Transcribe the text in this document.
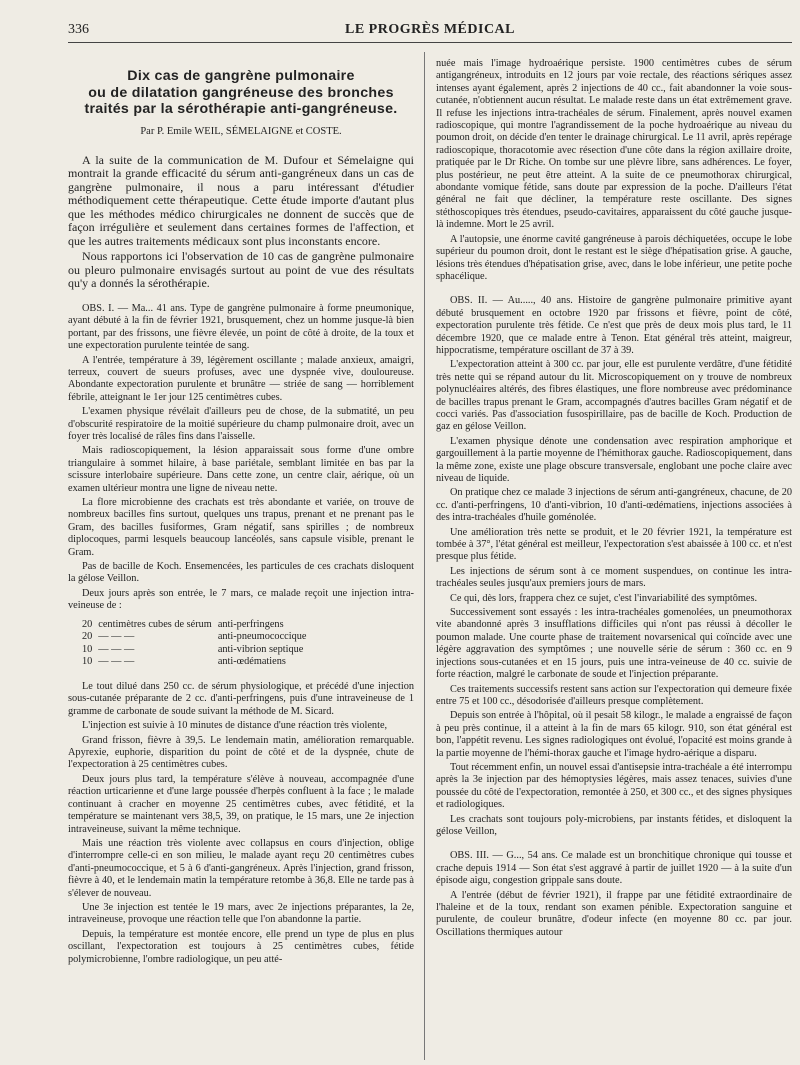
336	LE PROGRÈS MÉDICAL
Dix cas de gangrène pulmonaire
ou de dilatation gangréneuse des bronches
traités par la sérothérapie anti-gangréneuse.
Par P. Emile WEIL, SÉMELAIGNE et COSTE.

A la suite de la communication de M. Dufour et Sémelaigne qui montrait la grande efficacité du sérum anti-gangréneux dans un cas de gangrène pulmonaire, il nous a paru intéressant d'étudier méthodiquement cette thérapeutique. Cette étude importe d'autant plus que les méthodes médico chirurgicales ne donnent de succès que de façon irrégulière et seulement dans certaines formes de l'affection, et que les autres traitements médicaux sont plus inconstants encore.

Nous rapportons ici l'observation de 10 cas de gangrène pulmonaire ou pleuro pulmonaire envisagés surtout au point de vue des résultats qu'y a donnés la sérothérapie.

OBS. I. — Ma... 41 ans. Type de gangrène pulmonaire à forme pneumonique, ayant débuté à la fin de février 1921, brusquement, chez un homme jusque-là bien portant, par des frissons, une fièvre élevée, un point de côté à droite, de la toux et une expectoration purulente teintée de sang.

A l'entrée, température à 39, légèrement oscillante ; malade anxieux, amaigri, terreux, couvert de sueurs profuses, avec une dyspnée vive, douloureuse. Abondante expectoration purulente et brunâtre — striée de sang — horriblement fébrile, atteignant le 1er jour 125 centimètres cubes.

L'examen physique révélait d'ailleurs peu de chose, de la submatité, un peu d'obscurité respiratoire de la moitié supérieure du champ pulmonaire droit, avec un foyer très localisé de râles fins dans l'aisselle.

Mais radioscopiquement, la lésion apparaissait sous forme d'une ombre triangulaire à sommet hilaire, à base pariétale, semblant limitée en bas par la scissure interlobaire supérieure. Dans cette zone, un centre clair, aérique, où un examen ultérieur montra une ligne de niveau nette.

La flore microbienne des crachats est très abondante et variée, on trouve de nombreux bacilles fins surtout, quelques uns trapus, prenant et ne prenant pas le Gram, des bacilles fusiformes, Gram négatif, sans spirilles ; de nombreux diplocoques, parmi lesquels beaucoup lancéolés, sans capsule visible, prenant le Gram.

Pas de bacille de Koch. Ensemencées, les particules de ces crachats disloquent la gélose Veillon.

Deux jours après son entrée, le 7 mars, ce malade reçoit une injection intra-veineuse de :

20	centimètres cubes de sérum	anti-perfringens
20	— — —	anti-pneumococcique
10	— — —	anti-vibrion septique
10	— — —	anti-œdématiens

Le tout dilué dans 250 cc. de sérum physiologique, et précédé d'une injection sous-cutanée préparante de 2 cc. d'anti-perfringens, puis d'une intraveineuse de 1 gramme de carbonate de soude suivant la méthode de M. Sicard.

L'injection est suivie à 10 minutes de distance d'une réaction très violente,

Grand frisson, fièvre à 39,5. Le lendemain matin, amélioration remarquable. Apyrexie, euphorie, disparition du point de côté et de la dyspnée, chute de l'expectoration à 25 centimètres cubes.

Deux jours plus tard, la température s'élève à nouveau, accompagnée d'une réaction urticarienne et d'une large poussée d'herpès confluent à la face ; le malade continuant à cracher en moyenne 25 centimètres cubes, avec fétidité, et la température se maintenant vers 38,5, 39, on pratique, le 15 mars, une 2e injection intraveineuse, suivant la même technique.

Mais une réaction très violente avec collapsus en cours d'injection, oblige d'interrompre celle-ci en son milieu, le malade ayant reçu 20 centimètres cubes d'anti-pneumococcique, et 5 à 6 d'anti-gangréneux. Après l'injection, grand frisson, fièvre à 40, et le lendemain matin la température retombe à 36,8. Elle ne tarde pas à s'élever de nouveau.

Une 3e injection est tentée le 19 mars, avec 2e injections préparantes, la 2e, intraveineuse, provoque une réaction telle que l'on abandonne la partie.

Depuis, la température est montée encore, elle prend un type de plus en plus oscillant, l'expectoration est toujours à 25 centimètres cubes, fétide polymicrobienne, l'ombre radiologique, un peu atté-

nuée mais l'image hydroaérique persiste. 1900 centimètres cubes de sérum antigangréneux, introduits en 12 jours par voie rectale, des réactions sériques assez intenses ayant également, après 2 injections de 40 cc., fait abandonner la voie sous-cutanée, n'obtiennent aucun résultat. Le malade reste dans un état extrêmement grave. Il refuse les injections intra-trachéales de sérum. Finalement, après nouvel examen radioscopique, qui montre l'agrandissement de la poche hydroaérique au niveau du poumon droit, on décide d'en tenter le drainage chirurgical. Le 11 avril, après repérage radioscopique, thoracotomie avec résection d'une côte dans la région axillaire droite, pratiquée par le Dr Riche. On tombe sur une plèvre libre, sans adhérences. Le foyer, plus postérieur, ne peut être atteint. A la suite de ce pneumothorax chirurgical, abondante vomique fétide, sans doute par expression de la poche. D'ailleurs l'état général ne fait que décliner, la température reste oscillante. Des signes stéthoscopiques très étendues, pseudo-cavitaires, apparaissent du côté gauche jusque-là indemne. Mort le 25 avril.

A l'autopsie, une énorme cavité gangréneuse à parois déchiquetées, occupe le lobe supérieur du poumon droit, dont le restant est le siège d'hépatisation grise. A gauche, lésions très étendues d'hépatisation grise, avec, dans le lobe inférieur, une petite poche sphacélique.

OBS. II. — Au....., 40 ans. Histoire de gangrène pulmonaire primitive ayant débuté brusquement en octobre 1920 par frissons et fièvre, point de côté, expectoration purulente très fétide. Ce n'est que près de deux mois plus tard, le 11 décembre 1920, que ce malade entre à Tenon. Etat général très atteint, maigreur, hippocratisme, température oscillant de 37 à 39.

L'expectoration atteint à 300 cc. par jour, elle est purulente verdâtre, d'une fétidité très nette qui se répand autour du lit. Microscopiquement on y trouve de nombreux polynucléaires altérés, des fibres élastiques, une flore nombreuse avec prédominance de bacilles trapus prenant le Gram, accompagnés d'autres bacilles Gram négatif et de cocci variés. Pas d'association fusospirillaire, pas de bacille de Koch. Production de gaz en gélose Veillon.

L'examen physique dénote une condensation avec respiration amphorique et gargouillement à la partie moyenne de l'hémithorax gauche. Radioscopiquement, dans la même zone, existe une plage obscure transversale, englobant une poche claire avec niveau de liquide.

On pratique chez ce malade 3 injections de sérum anti-gangréneux, chacune, de 20 cc. d'anti-perfringens, 10 d'anti-vibrion, 10 d'anti-œdématiens, injections associées à des intra-trachéales d'huile goménolée.

Une amélioration très nette se produit, et le 20 février 1921, la température est tombée à 37°, l'état général est meilleur, l'expectoration s'est abaissée à 100 cc. et n'est presque plus fétide.

Les injections de sérum sont à ce moment suspendues, on continue les intra-trachéales seules jusqu'aux premiers jours de mars.

Ce qui, dès lors, frappera chez ce sujet, c'est l'invariabilité des symptômes.

Successivement sont essayés : les intra-trachéales gomenolées, un pneumothorax vite abandonné après 3 insufflations difficiles qui n'ont pas réussi à décoller le poumon malade. Une courte phase de traitement novarsenical qui coïncide avec une légère aggravation des symptômes ; une nouvelle série de sérum : 360 cc. en 9 injections sous-cutanées et en 15 jours, puis une intra-veineuse de 40 cc. suivie de forte réaction, malgré le carbonate de soude et l'injection préparante.

Ces traitements successifs restent sans action sur l'expectoration qui demeure fixée entre 75 et 100 cc., désodorisée d'ailleurs presque complètement.

Depuis son entrée à l'hôpital, où il pesait 58 kilogr., le malade a engraissé de façon à peu près continue, il a atteint à la fin de mars 65 kilogr. 910, son état général est bon, l'appétit revenu. Les signes radiologiques ont évolué, l'opacité est moins grande à la partie moyenne de l'hémi-thorax gauche et l'image hydro-aérique a disparu.

Tout récemment enfin, un nouvel essai d'antisepsie intra-trachéale a été interrompu après la 3e injection par des hémoptysies légères, mais assez tenaces, suivies d'une poussée du côté de l'expectoration, remontée à 250, et 300 cc., et des signes physiques et radiologiques.

Les crachats sont toujours poly-microbiens, par instants fétides, et disloquent la gélose Veillon,

OBS. III. — G..., 54 ans. Ce malade est un bronchitique chronique qui tousse et crache depuis 1914 — Son état s'est aggravé à partir de juillet 1920 — à la suite d'un épisode aigu, congestion grippale sans doute.

A l'entrée (début de février 1921), il frappe par une fétidité extraordinaire de l'haleine et de la toux, rendant son examen pénible. Expectoration sanguine et purulente, de couleur brunâtre, d'odeur infecte (en moyenne 80 cc. par jour. Oscillations thermiques autour
